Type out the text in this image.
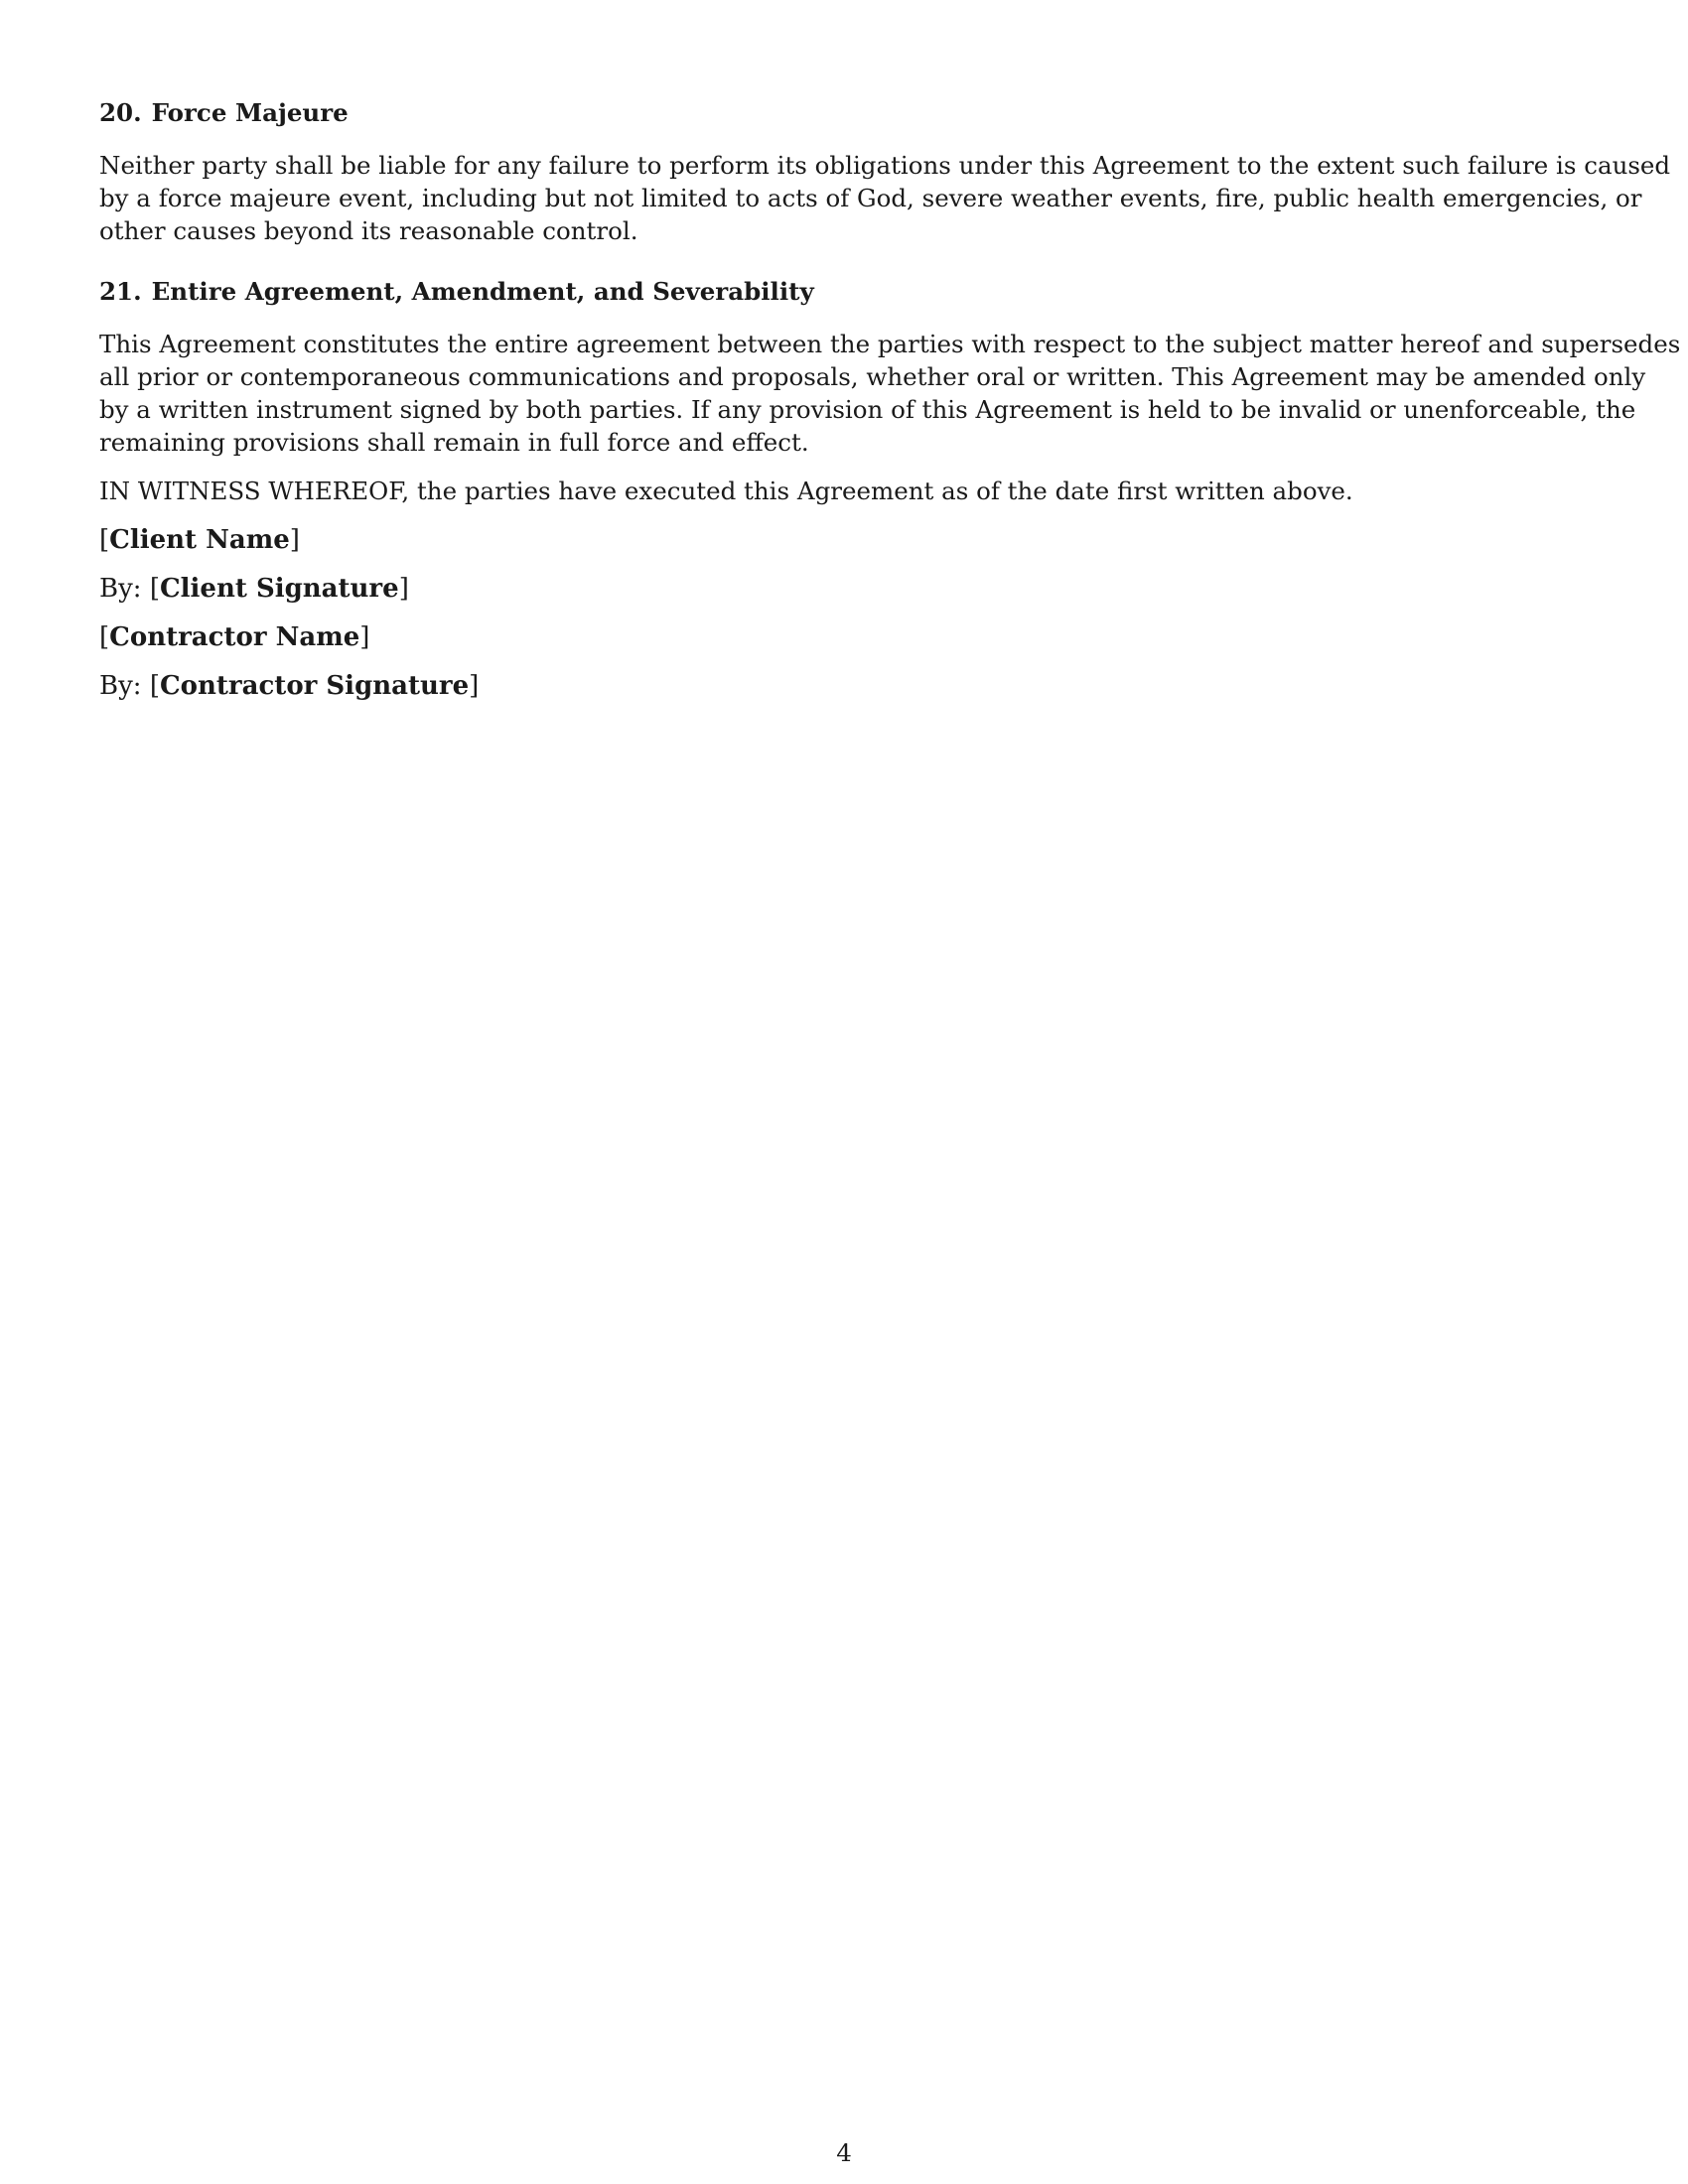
20. Force Majeure

Neither party shall be liable for any failure to perform its obligations under this Agreement to the extent such failure is caused
by a force majeure event, including but not limited to acts of God, severe weather events, fire, public health emergencies, or
other causes beyond its reasonable control.

21. Entire Agreement, Amendment, and Severability

This Agreement constitutes the entire agreement between the parties with respect to the subject matter hereof and supersedes
all prior or contemporaneous communications and proposals, whether oral or written. This Agreement may be amended only
by a written instrument signed by both parties. If any provision of this Agreement is held to be invalid or unenforceable, the
remaining provisions shall remain in full force and effect.

IN WITNESS WHEREOF, the parties have executed this Agreement as of the date first written above.

[Client Name]

By: [Client Signature]

[Contractor Name]

By: [Contractor Signature]

4
